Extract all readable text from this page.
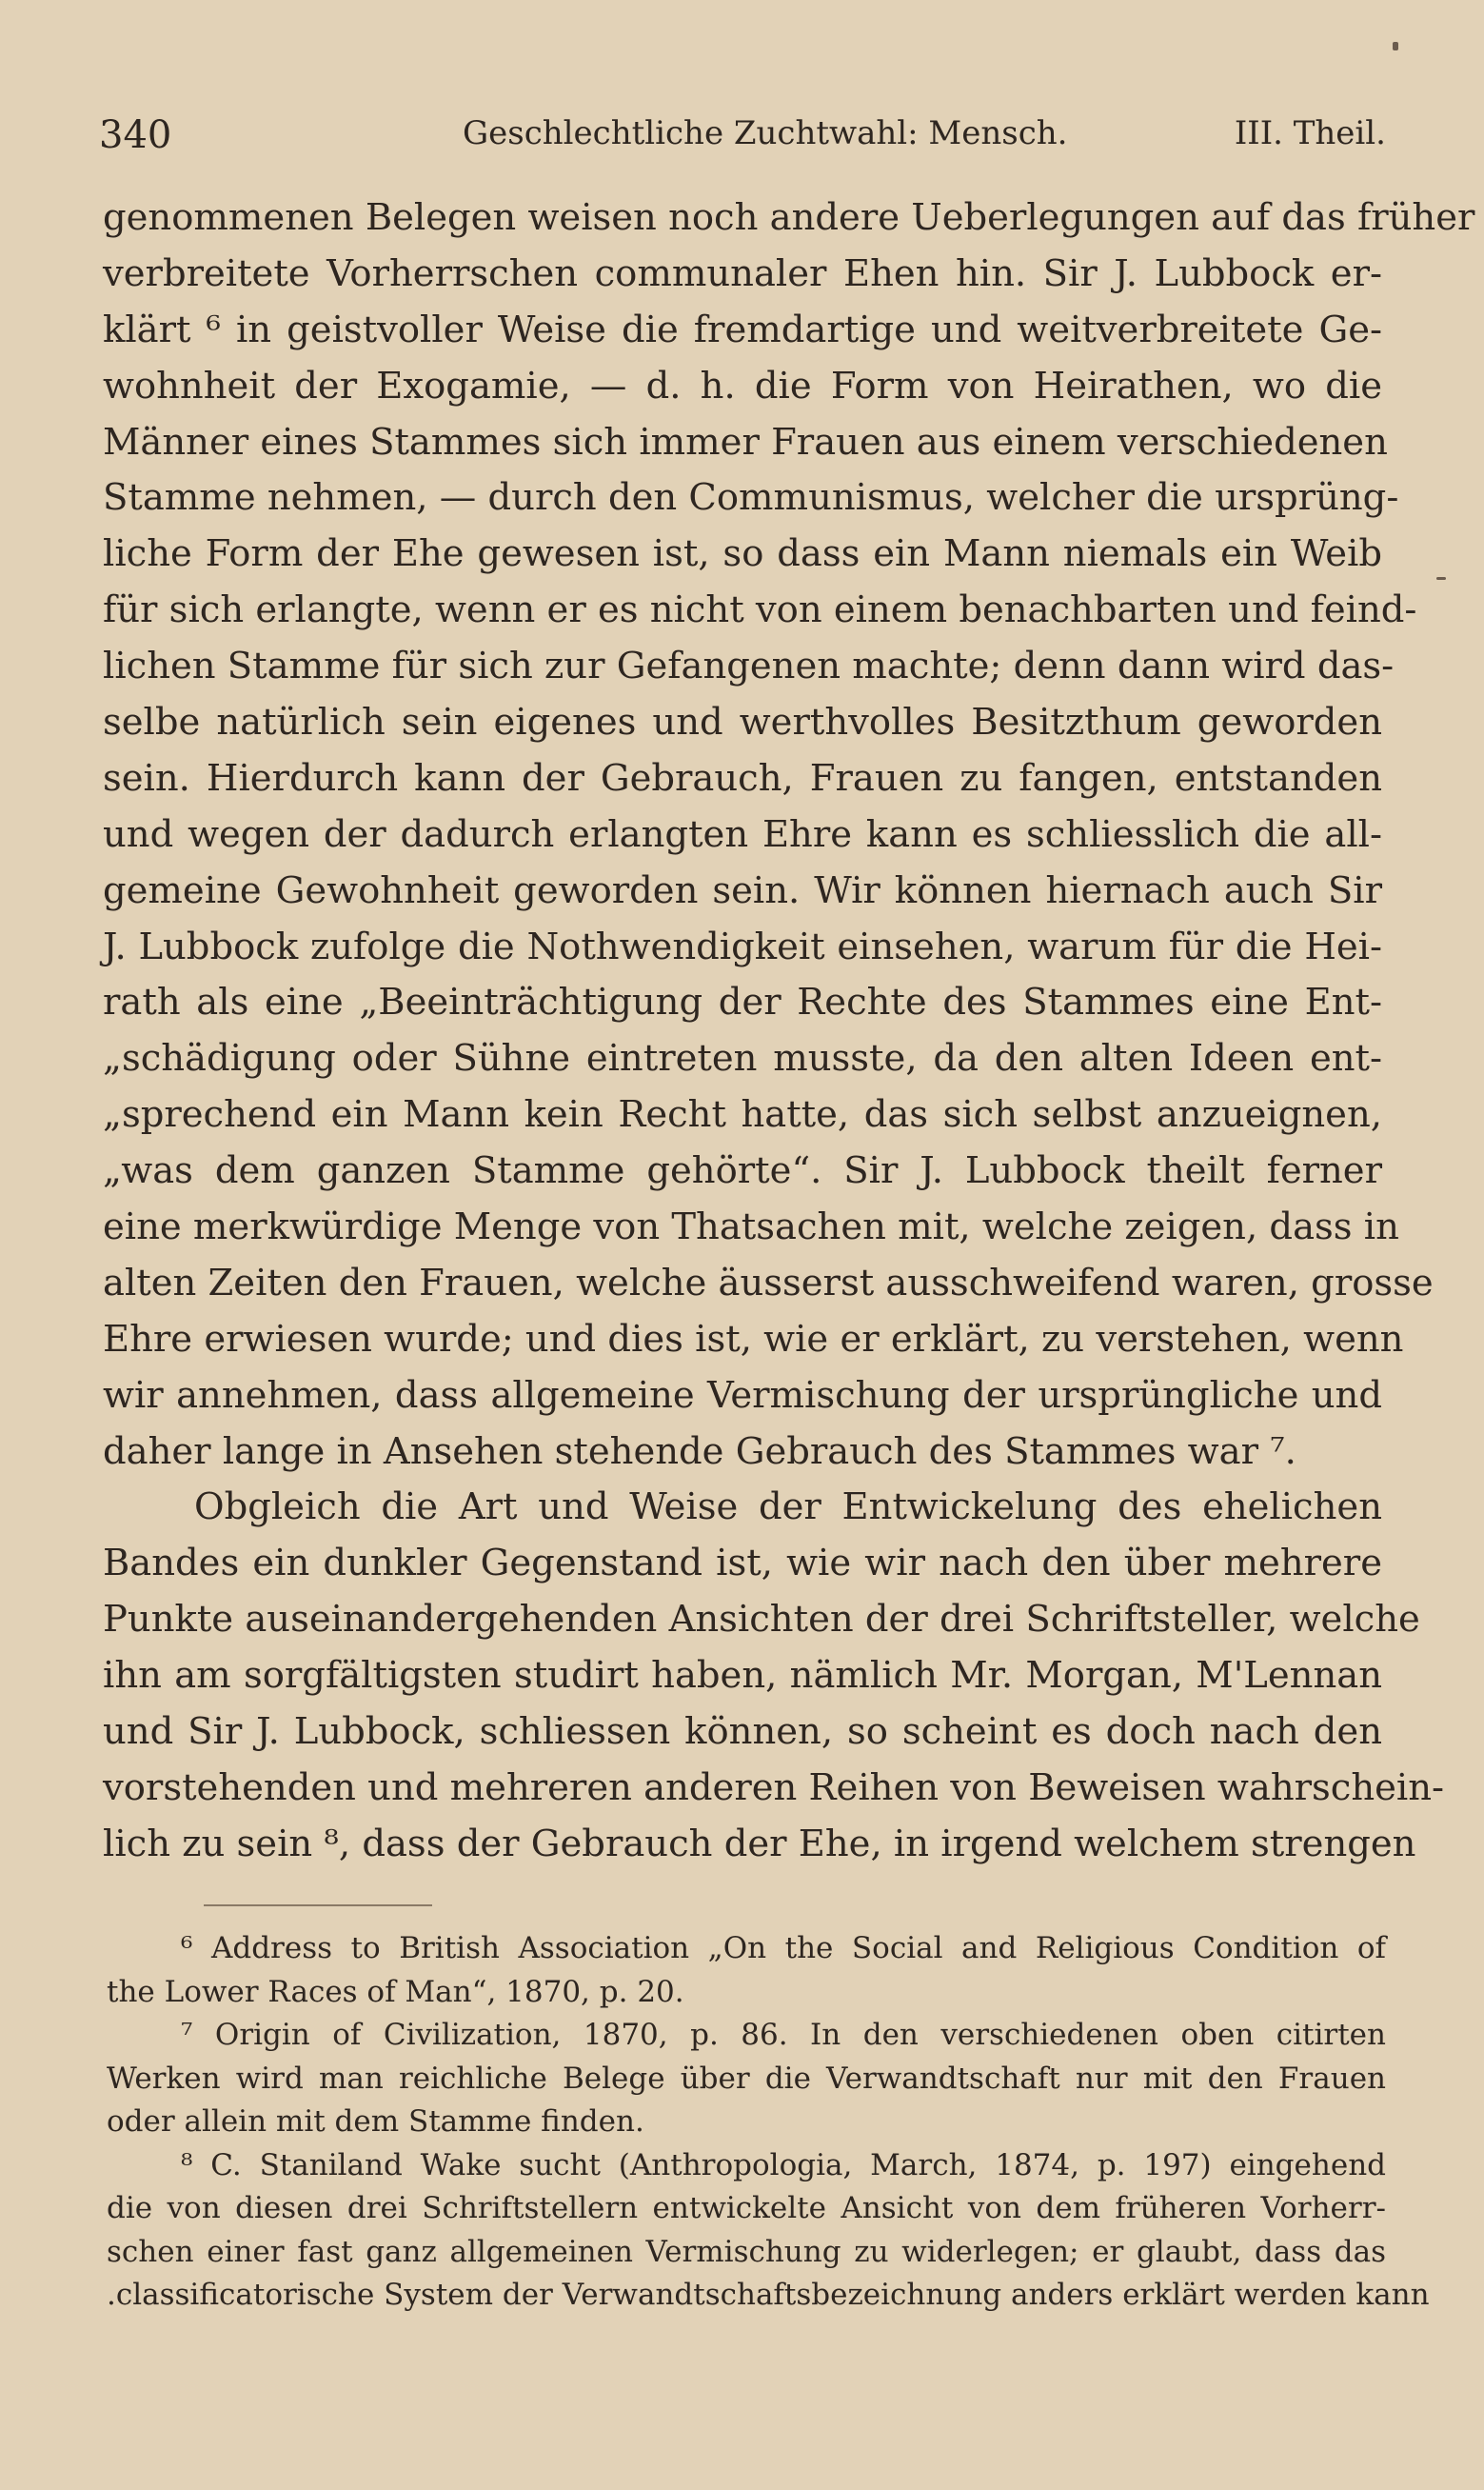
340	Geschlechtliche Zuchtwahl: Mensch.	III. Theil.
genommenen Belegen weisen noch andere Ueberlegungen auf das früher
verbreitete Vorherrschen communaler Ehen hin. Sir J. Lubbock er-
klärt ⁶ in geistvoller Weise die fremdartige und weitverbreitete Ge-
wohnheit der Exogamie, — d. h. die Form von Heirathen, wo die
Männer eines Stammes sich immer Frauen aus einem verschiedenen
Stamme nehmen, — durch den Communismus, welcher die ursprüng-
liche Form der Ehe gewesen ist, so dass ein Mann niemals ein Weib
für sich erlangte, wenn er es nicht von einem benachbarten und feind-
lichen Stamme für sich zur Gefangenen machte; denn dann wird das-
selbe natürlich sein eigenes und werthvolles Besitzthum geworden
sein. Hierdurch kann der Gebrauch, Frauen zu fangen, entstanden
und wegen der dadurch erlangten Ehre kann es schliesslich die all-
gemeine Gewohnheit geworden sein. Wir können hiernach auch Sir
J. Lubbock zufolge die Nothwendigkeit einsehen, warum für die Hei-
rath als eine „Beeinträchtigung der Rechte des Stammes eine Ent-
„schädigung oder Sühne eintreten musste, da den alten Ideen ent-
„sprechend ein Mann kein Recht hatte, das sich selbst anzueignen,
„was dem ganzen Stamme gehörte“. Sir J. Lubbock theilt ferner
eine merkwürdige Menge von Thatsachen mit, welche zeigen, dass in
alten Zeiten den Frauen, welche äusserst ausschweifend waren, grosse
Ehre erwiesen wurde; und dies ist, wie er erklärt, zu verstehen, wenn
wir annehmen, dass allgemeine Vermischung der ursprüngliche und
daher lange in Ansehen stehende Gebrauch des Stammes war ⁷.
Obgleich die Art und Weise der Entwickelung des ehelichen
Bandes ein dunkler Gegenstand ist, wie wir nach den über mehrere
Punkte auseinandergehenden Ansichten der drei Schriftsteller, welche
ihn am sorgfältigsten studirt haben, nämlich Mr. Morgan, M'Lennan
und Sir J. Lubbock, schliessen können, so scheint es doch nach den
vorstehenden und mehreren anderen Reihen von Beweisen wahrschein-
lich zu sein ⁸, dass der Gebrauch der Ehe, in irgend welchem strengen
⁶ Address to British Association „On the Social and Religious Condition of
the Lower Races of Man“, 1870, p. 20.
⁷ Origin of Civilization, 1870, p. 86. In den verschiedenen oben citirten
Werken wird man reichliche Belege über die Verwandtschaft nur mit den Frauen
oder allein mit dem Stamme finden.
⁸ C. Staniland Wake sucht (Anthropologia, March, 1874, p. 197) eingehend
die von diesen drei Schriftstellern entwickelte Ansicht von dem früheren Vorherr-
schen einer fast ganz allgemeinen Vermischung zu widerlegen; er glaubt, dass das
.classificatorische System der Verwandtschaftsbezeichnung anders erklärt werden kann
